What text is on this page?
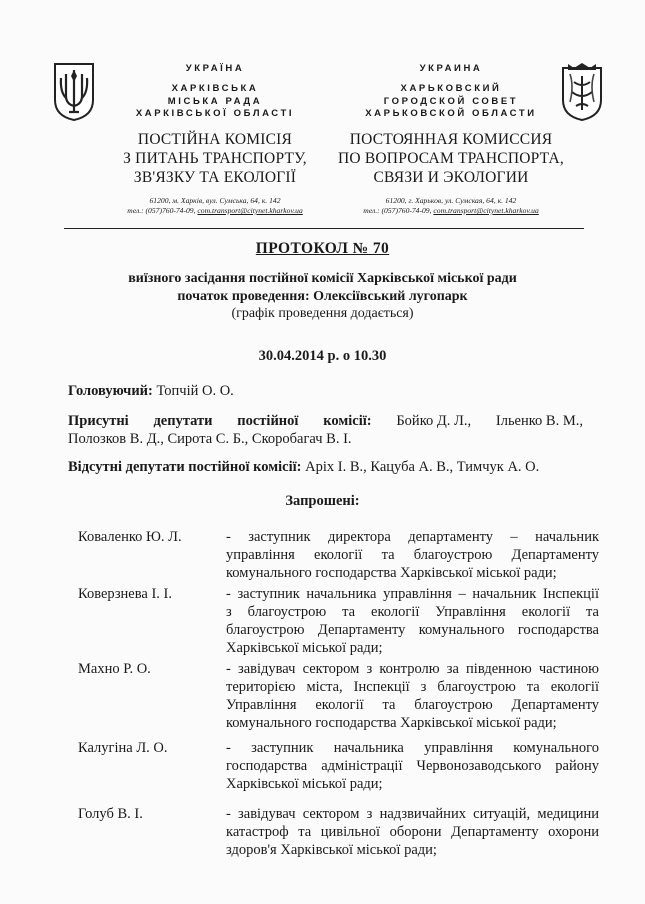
УКРАЇНА
ХАРКІВСЬКА
МІСЬКА РАДА
ХАРКІВСЬКОЇ ОБЛАСТІ
ПОСТІЙНА КОМІСІЯ
З ПИТАНЬ ТРАНСПОРТУ,
ЗВ'ЯЗКУ ТА ЕКОЛОГІЇ
61200, м. Харків, вул. Сумська, 64, к. 142
тел.: (057)760-74-09, com.transport@citynet.kharkov.ua
УКРАИНА
ХАРЬКОВСКИЙ
ГОРОДСКОЙ СОВЕТ
ХАРЬКОВСКОЙ ОБЛАСТИ
ПОСТОЯННАЯ КОМИССИЯ
ПО ВОПРОСАМ ТРАНСПОРТА,
СВЯЗИ И ЭКОЛОГИИ
61200, г. Харьков, ул. Сумская, 64, к. 142
тел.: (057)760-74-09, com.transport@citynet.kharkov.ua
ПРОТОКОЛ № 70
виїзного засідання постійної комісії Харківської міської ради
початок проведення: Олексіївський лугопарк
(графік проведення додається)
30.04.2014 р. о 10.30
Головуючий: Топчій О. О.
Присутні депутати постійної комісії: Бойко Д. Л., Ільенко В. М.,
Полозков В. Д., Сирота С. Б., Скоробагач В. І.
Відсутні депутати постійної комісії: Аріх І. В., Кацуба А. В., Тимчук А. О.
Запрошені:
Коваленко Ю. Л.	- заступник директора департаменту – начальник
управління екології та благоустрою Департаменту
комунального господарства Харківської міської ради;
Коверзнева І. І.	- заступник начальника управління – начальник Інспекції
з благоустрою та екології Управління екології та
благоустрою Департаменту комунального господарства
Харківської міської ради;
Махно Р. О.	- завідувач сектором з контролю за південною частиною
територією міста, Інспекції з благоустрою та екології
Управління екології та благоустрою Департаменту
комунального господарства Харківської міської ради;
Калугіна Л. О.	- заступник начальника управління комунального
господарства адміністрації Червонозаводського району
Харківської міської ради;
Голуб В. І.	- завідувач сектором з надзвичайних ситуацій, медицини
катастроф та цивільної оборони Департаменту охорони
здоров'я Харківської міської ради;
